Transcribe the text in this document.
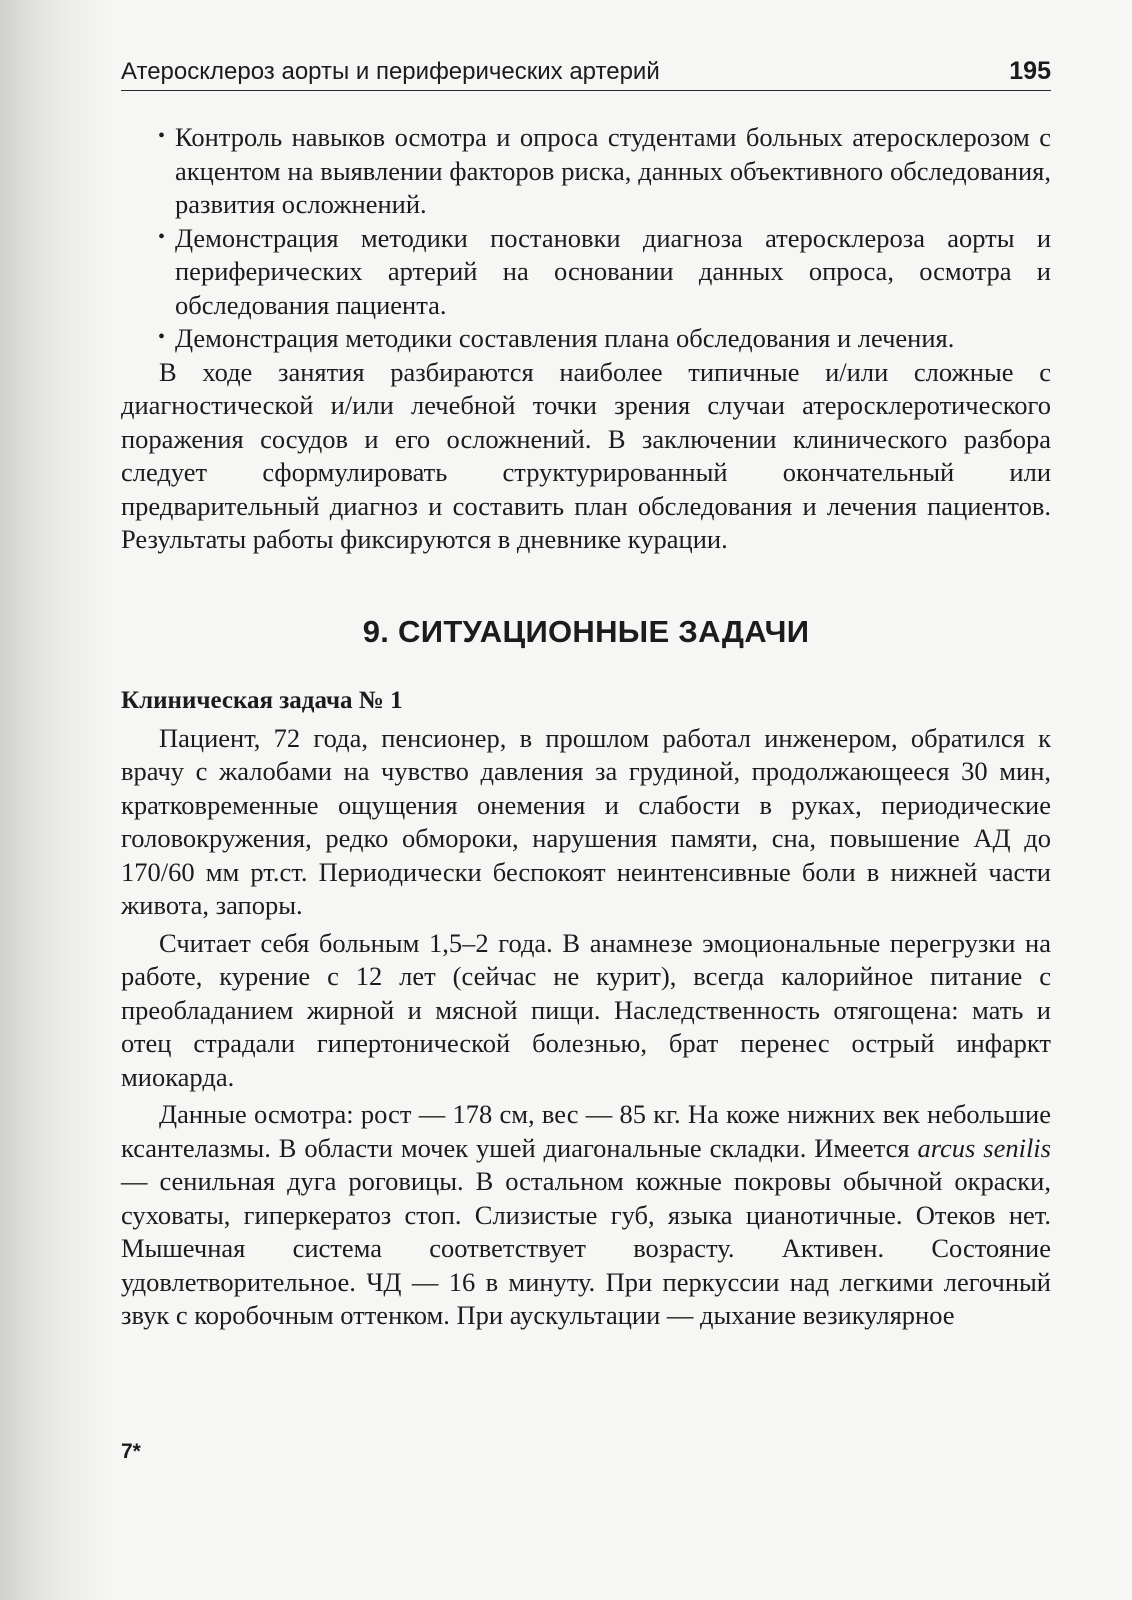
Атеросклероз аорты и периферических артерий	195
• Контроль навыков осмотра и опроса студентами больных атеросклерозом с акцентом на выявлении факторов риска, данных объективного обследования, развития осложнений.
• Демонстрация методики постановки диагноза атеросклероза аорты и периферических артерий на основании данных опроса, осмотра и обследования пациента.
• Демонстрация методики составления плана обследования и лечения.

В ходе занятия разбираются наиболее типичные и/или сложные с диагностической и/или лечебной точки зрения случаи атеросклеротического поражения сосудов и его осложнений. В заключении клинического разбора следует сформулировать структурированный окончательный или предварительный диагноз и составить план обследования и лечения пациентов. Результаты работы фиксируются в дневнике курации.

9. СИТУАЦИОННЫЕ ЗАДАЧИ
Клиническая задача № 1

Пациент, 72 года, пенсионер, в прошлом работал инженером, обратился к врачу с жалобами на чувство давления за грудиной, продолжающееся 30 мин, кратковременные ощущения онемения и слабости в руках, периодические головокружения, редко обмороки, нарушения памяти, сна, повышение АД до 170/60 мм рт.ст. Периодически беспокоят неинтенсивные боли в нижней части живота, запоры.

Считает себя больным 1,5–2 года. В анамнезе эмоциональные перегрузки на работе, курение с 12 лет (сейчас не курит), всегда калорийное питание с преобладанием жирной и мясной пищи. Наследственность отягощена: мать и отец страдали гипертонической болезнью, брат перенес острый инфаркт миокарда.

Данные осмотра: рост — 178 см, вес — 85 кг. На коже нижних век небольшие ксантелазмы. В области мочек ушей диагональные складки. Имеется arcus senilis — сенильная дуга роговицы. В остальном кожные покровы обычной окраски, суховаты, гиперкератоз стоп. Слизистые губ, языка цианотичные. Отеков нет. Мышечная система соответствует возрасту. Активен. Состояние удовлетворительное. ЧД — 16 в минуту. При перкуссии над легкими легочный звук с коробочным оттенком. При аускультации — дыхание везикулярное

7*
